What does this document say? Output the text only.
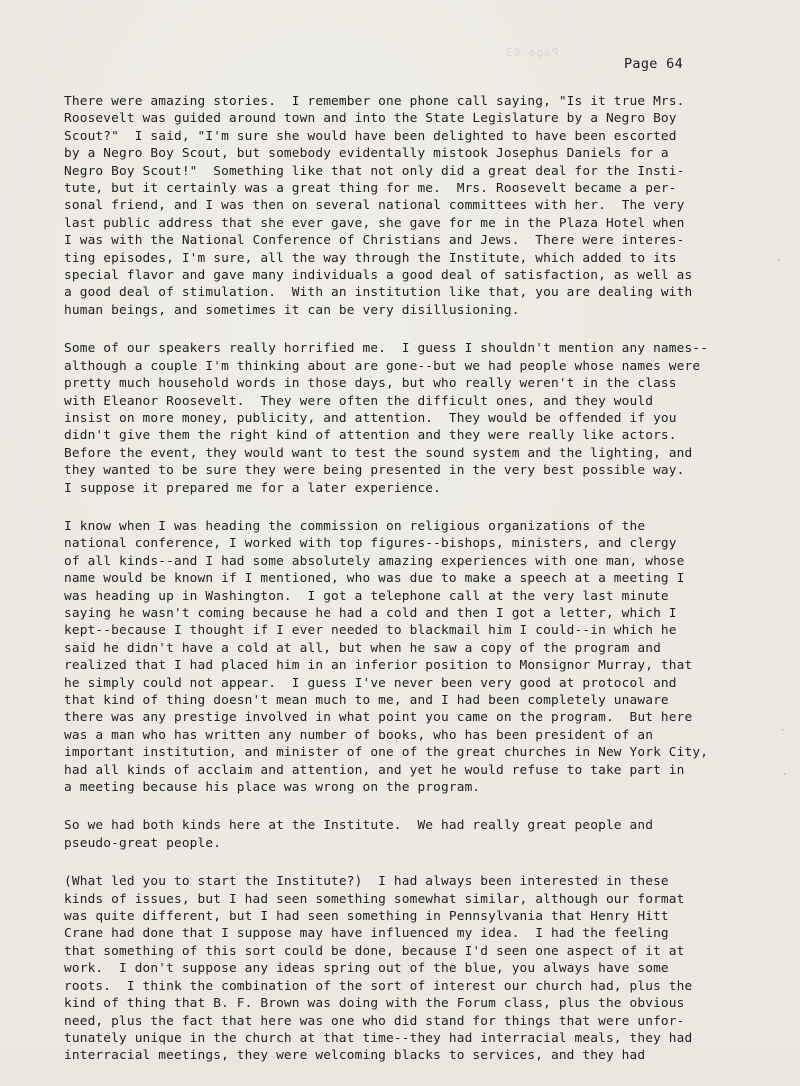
Page 63
Page 64
There were amazing stories.  I remember one phone call saying, "Is it true Mrs.
Roosevelt was guided around town and into the State Legislature by a Negro Boy
Scout?"  I said, "I'm sure she would have been delighted to have been escorted
by a Negro Boy Scout, but somebody evidentally mistook Josephus Daniels for a
Negro Boy Scout!"  Something like that not only did a great deal for the Insti-
tute, but it certainly was a great thing for me.  Mrs. Roosevelt became a per-
sonal friend, and I was then on several national committees with her.  The very
last public address that she ever gave, she gave for me in the Plaza Hotel when
I was with the National Conference of Christians and Jews.  There were interes-
ting episodes, I'm sure, all the way through the Institute, which added to its
special flavor and gave many individuals a good deal of satisfaction, as well as
a good deal of stimulation.  With an institution like that, you are dealing with
human beings, and sometimes it can be very disillusioning.
Some of our speakers really horrified me.  I guess I shouldn't mention any names--
although a couple I'm thinking about are gone--but we had people whose names were
pretty much household words in those days, but who really weren't in the class
with Eleanor Roosevelt.  They were often the difficult ones, and they would
insist on more money, publicity, and attention.  They would be offended if you
didn't give them the right kind of attention and they were really like actors.
Before the event, they would want to test the sound system and the lighting, and
they wanted to be sure they were being presented in the very best possible way.
I suppose it prepared me for a later experience.
I know when I was heading the commission on religious organizations of the
national conference, I worked with top figures--bishops, ministers, and clergy
of all kinds--and I had some absolutely amazing experiences with one man, whose
name would be known if I mentioned, who was due to make a speech at a meeting I
was heading up in Washington.  I got a telephone call at the very last minute
saying he wasn't coming because he had a cold and then I got a letter, which I
kept--because I thought if I ever needed to blackmail him I could--in which he
said he didn't have a cold at all, but when he saw a copy of the program and
realized that I had placed him in an inferior position to Monsignor Murray, that
he simply could not appear.  I guess I've never been very good at protocol and
that kind of thing doesn't mean much to me, and I had been completely unaware
there was any prestige involved in what point you came on the program.  But here
was a man who has written any number of books, who has been president of an
important institution, and minister of one of the great churches in New York City,
had all kinds of acclaim and attention, and yet he would refuse to take part in
a meeting because his place was wrong on the program.
So we had both kinds here at the Institute.  We had really great people and
pseudo-great people.
(What led you to start the Institute?)  I had always been interested in these
kinds of issues, but I had seen something somewhat similar, although our format
was quite different, but I had seen something in Pennsylvania that Henry Hitt
Crane had done that I suppose may have influenced my idea.  I had the feeling
that something of this sort could be done, because I'd seen one aspect of it at
work.  I don't suppose any ideas spring out of the blue, you always have some
roots.  I think the combination of the sort of interest our church had, plus the
kind of thing that B. F. Brown was doing with the Forum class, plus the obvious
need, plus the fact that here was one who did stand for things that were unfor-
tunately unique in the church at that time--they had interracial meals, they had
interracial meetings, they were welcoming blacks to services, and they had
·
·
·
